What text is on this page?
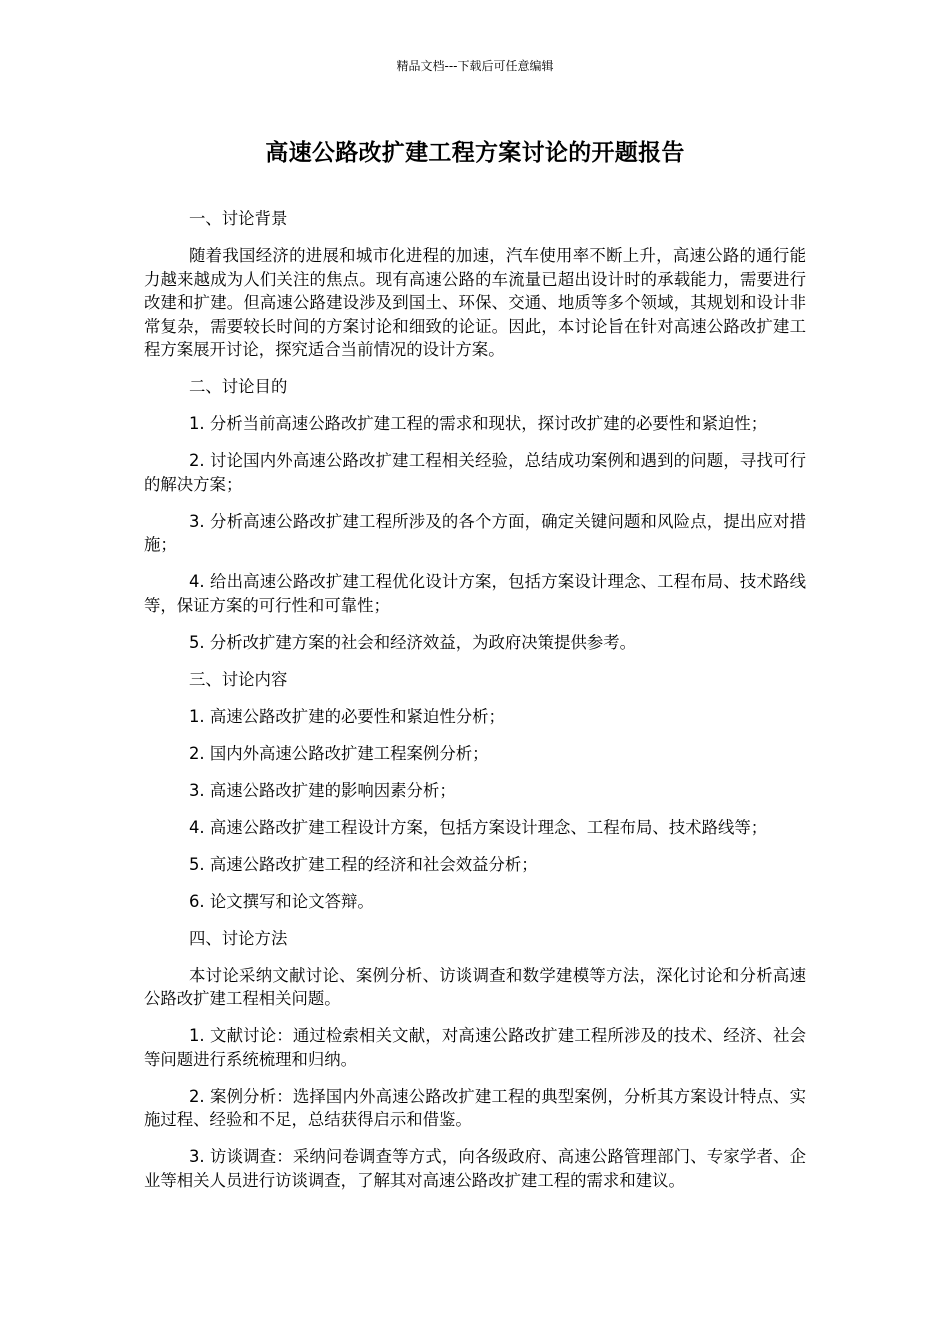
精品文档---下载后可任意编辑
高速公路改扩建工程方案讨论的开题报告

一、讨论背景

随着我国经济的进展和城市化进程的加速，汽车使用率不断上升，高速公路的通行能力越来越成为人们关注的焦点。现有高速公路的车流量已超出设计时的承载能力，需要进行改建和扩建。但高速公路建设涉及到国土、环保、交通、地质等多个领域，其规划和设计非常复杂，需要较长时间的方案讨论和细致的论证。因此，本讨论旨在针对高速公路改扩建工程方案展开讨论，探究适合当前情况的设计方案。

二、讨论目的

1. 分析当前高速公路改扩建工程的需求和现状，探讨改扩建的必要性和紧迫性；

2. 讨论国内外高速公路改扩建工程相关经验，总结成功案例和遇到的问题，寻找可行的解决方案；

3. 分析高速公路改扩建工程所涉及的各个方面，确定关键问题和风险点，提出应对措施；

4. 给出高速公路改扩建工程优化设计方案，包括方案设计理念、工程布局、技术路线等，保证方案的可行性和可靠性；

5. 分析改扩建方案的社会和经济效益，为政府决策提供参考。

三、讨论内容

1. 高速公路改扩建的必要性和紧迫性分析；

2. 国内外高速公路改扩建工程案例分析；

3. 高速公路改扩建的影响因素分析；

4. 高速公路改扩建工程设计方案，包括方案设计理念、工程布局、技术路线等；

5. 高速公路改扩建工程的经济和社会效益分析；

6. 论文撰写和论文答辩。

四、讨论方法

本讨论采纳文献讨论、案例分析、访谈调查和数学建模等方法，深化讨论和分析高速公路改扩建工程相关问题。

1. 文献讨论：通过检索相关文献，对高速公路改扩建工程所涉及的技术、经济、社会等问题进行系统梳理和归纳。

2. 案例分析：选择国内外高速公路改扩建工程的典型案例，分析其方案设计特点、实施过程、经验和不足，总结获得启示和借鉴。

3. 访谈调查：采纳问卷调查等方式，向各级政府、高速公路管理部门、专家学者、企业等相关人员进行访谈调查，了解其对高速公路改扩建工程的需求和建议。
